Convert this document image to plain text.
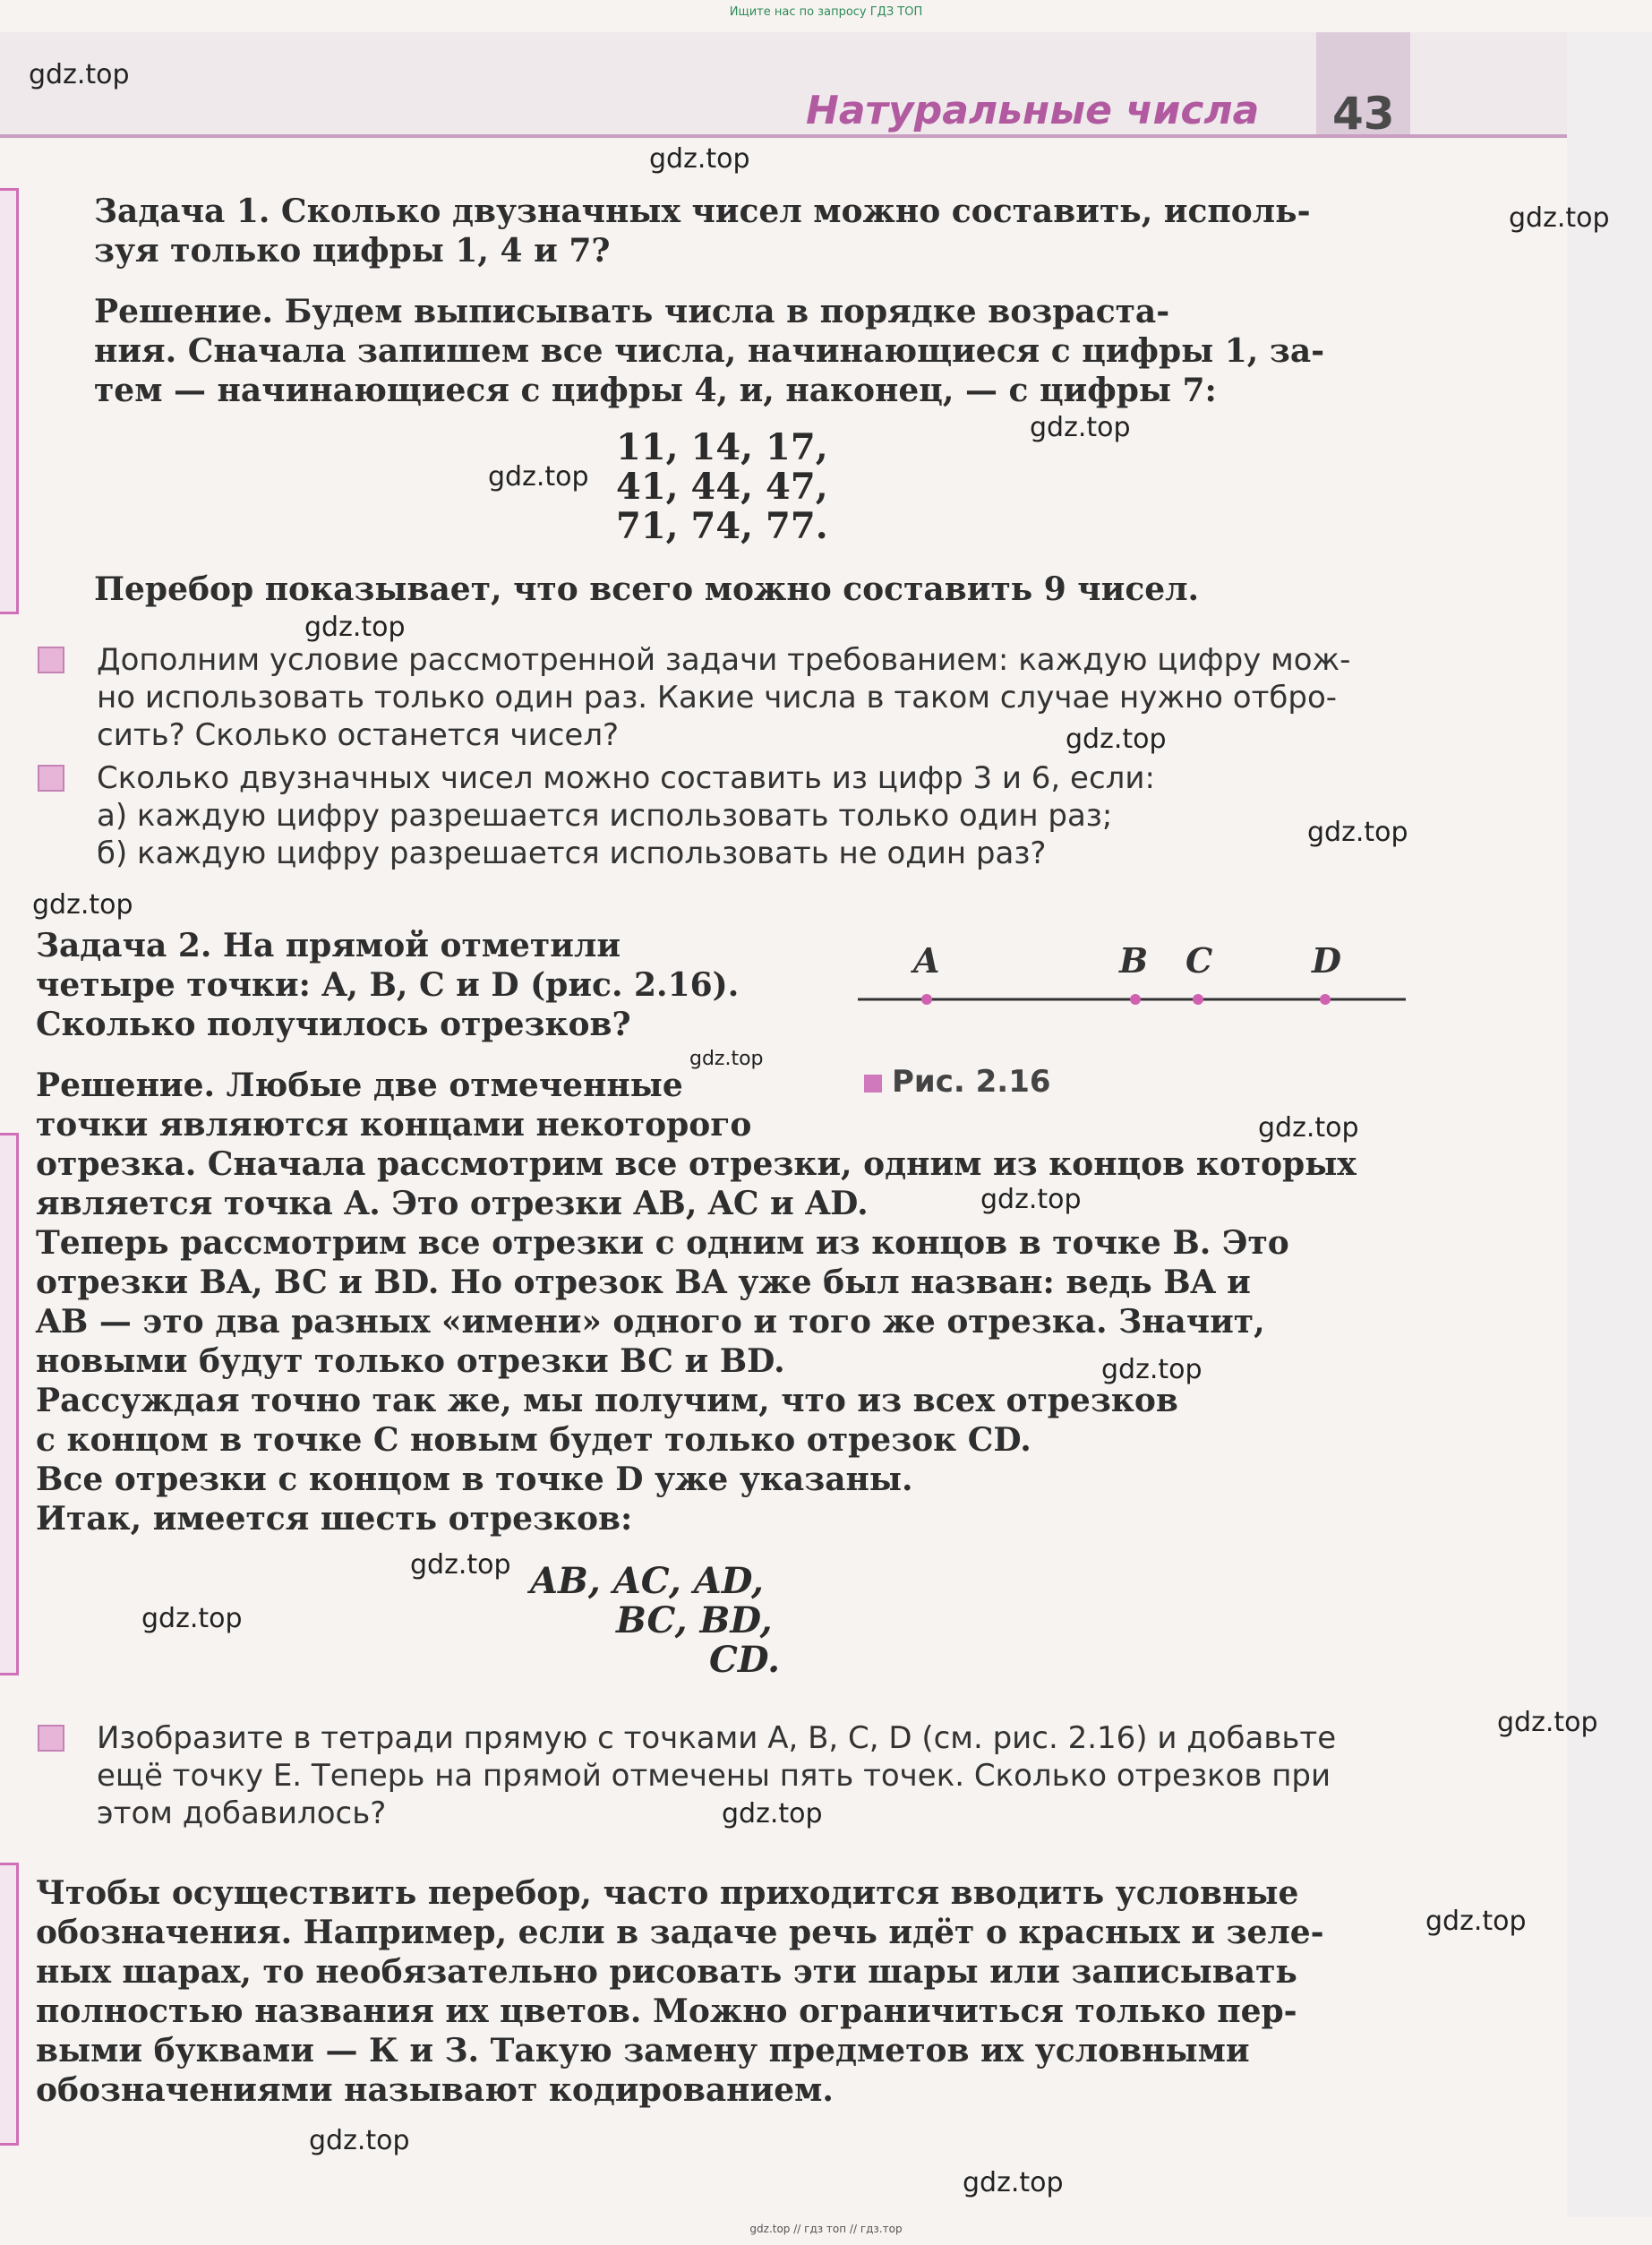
Ищите нас по запросу ГДЗ ТОП
Натуральные числа 43
gdz.top
gdz.top
gdz.top
gdz.top
gdz.top
gdz.top
gdz.top
gdz.top
gdz.top
gdz.top
gdz.top
gdz.top
gdz.top
gdz.top
gdz.top
gdz.top
gdz.top
gdz.top
gdz.top
gdz.top

Задача 1. Сколько двузначных чисел можно составить, исполь-

зуя только цифры 1, 4 и 7?

Решение. Будем выписывать числа в порядке возраста-

ния. Сначала запишем все числа, начинающиеся с цифры 1, за-

тем — начинающиеся с цифры 4, и, наконец, — с цифры 7:

11, 14, 17,

41, 44, 47,

71, 74, 77.

Перебор показывает, что всего можно составить 9 чисел.

Дополним условие рассмотренной задачи требованием: каждую цифру мож-

но использовать только один раз. Какие числа в таком случае нужно отбро-

сить? Сколько останется чисел?

Сколько двузначных чисел можно составить из цифр 3 и 6, если:

а) каждую цифру разрешается использовать только один раз;

б) каждую цифру разрешается использовать не один раз?

Задача 2. На прямой отметили

четыре точки: A, B, C и D (рис. 2.16).

Сколько получилось отрезков?

A	B C	D
Рис. 2.16

Решение. Любые две отмеченные

точки являются концами некоторого

отрезка. Сначала рассмотрим все отрезки, одним из концов которых

является точка A. Это отрезки AB, AC и AD.

Теперь рассмотрим все отрезки с одним из концов в точке B. Это

отрезки BA, BC и BD. Но отрезок BA уже был назван: ведь BA и

AB — это два разных «имени» одного и того же отрезка. Значит,

новыми будут только отрезки BC и BD.

Рассуждая точно так же, мы получим, что из всех отрезков

с концом в точке C новым будет только отрезок CD.

Все отрезки с концом в точке D уже указаны.

Итак, имеется шесть отрезков:

AB, AC, AD,

BC, BD,

CD.

Изобразите в тетради прямую с точками A, B, C, D (см. рис. 2.16) и добавьте

ещё точку E. Теперь на прямой отмечены пять точек. Сколько отрезков при

этом добавилось?

Чтобы осуществить перебор, часто приходится вводить условные

обозначения. Например, если в задаче речь идёт о красных и зеле-

ных шарах, то необязательно рисовать эти шары или записывать

полностью названия их цветов. Можно ограничиться только пер-

выми буквами — К и З. Такую замену предметов их условными

обозначениями называют кодированием.

gdz.top // гдз топ // гдз.тор
